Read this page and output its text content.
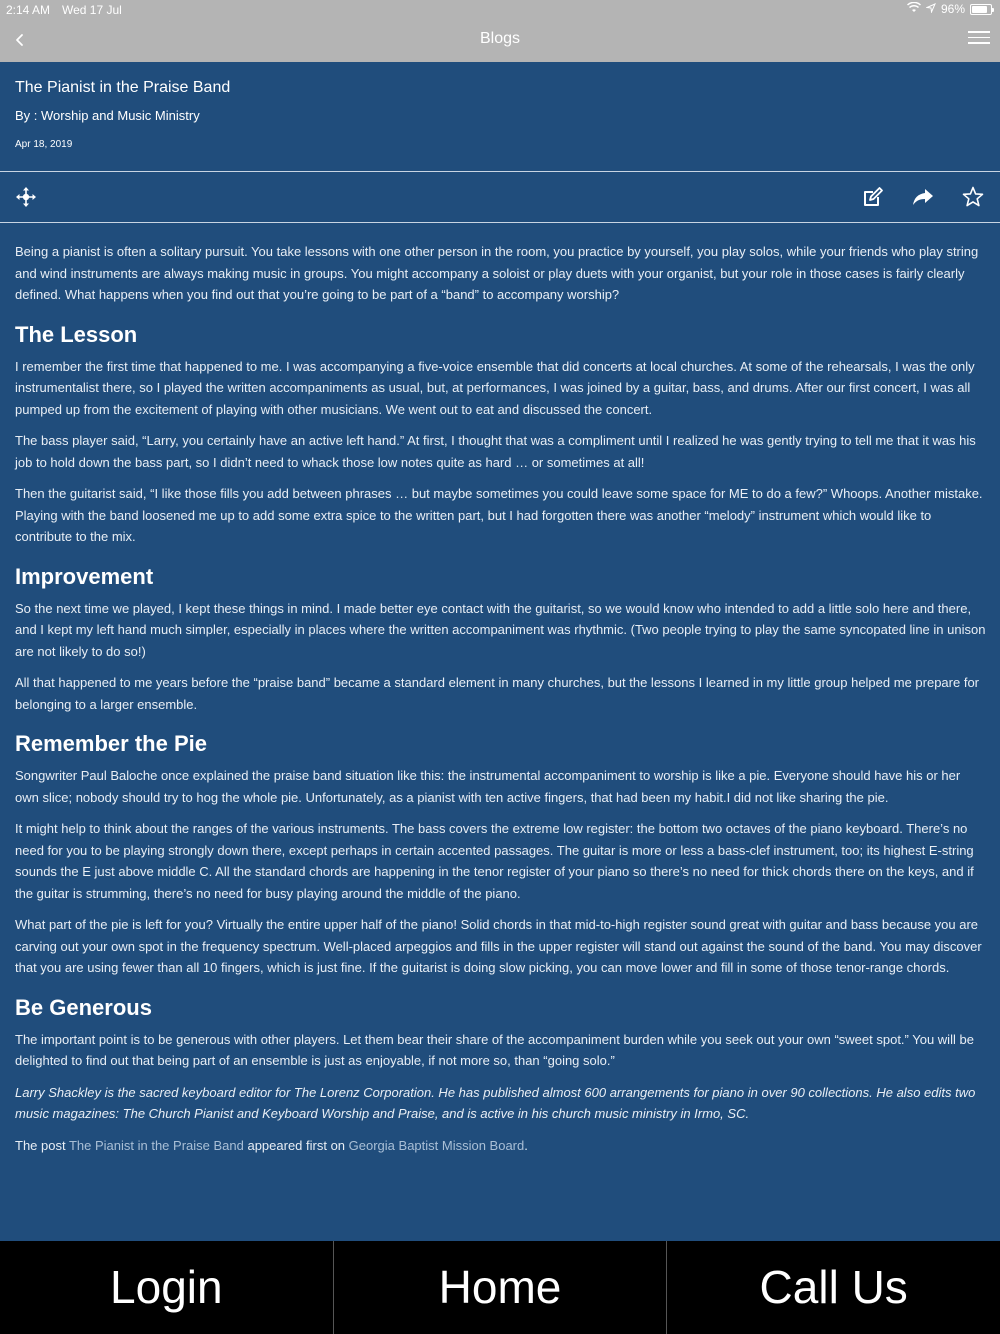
2:14 AM Wed 17 Jul	96%
Blogs
The Pianist in the Praise Band
By : Worship and Music Ministry
Apr 18, 2019

Being a pianist is often a solitary pursuit. You take lessons with one other person in the room, you practice by yourself, you play solos, while your friends who play string and wind instruments are always making music in groups. You might accompany a soloist or play duets with your organist, but your role in those cases is fairly clearly defined. What happens when you find out that you’re going to be part of a “band” to accompany worship?

The Lesson

I remember the first time that happened to me. I was accompanying a five-voice ensemble that did concerts at local churches. At some of the rehearsals, I was the only instrumentalist there, so I played the written accompaniments as usual, but, at performances, I was joined by a guitar, bass, and drums. After our first concert, I was all pumped up from the excitement of playing with other musicians. We went out to eat and discussed the concert.

The bass player said, “Larry, you certainly have an active left hand.” At first, I thought that was a compliment until I realized he was gently trying to tell me that it was his job to hold down the bass part, so I didn’t need to whack those low notes quite as hard … or sometimes at all!

Then the guitarist said, “I like those fills you add between phrases … but maybe sometimes you could leave some space for ME to do a few?” Whoops. Another mistake. Playing with the band loosened me up to add some extra spice to the written part, but I had forgotten there was another “melody” instrument which would like to contribute to the mix.

Improvement

So the next time we played, I kept these things in mind. I made better eye contact with the guitarist, so we would know who intended to add a little solo here and there, and I kept my left hand much simpler, especially in places where the written accompaniment was rhythmic. (Two people trying to play the same syncopated line in unison are not likely to do so!)

All that happened to me years before the “praise band” became a standard element in many churches, but the lessons I learned in my little group helped me prepare for belonging to a larger ensemble.

Remember the Pie

Songwriter Paul Baloche once explained the praise band situation like this: the instrumental accompaniment to worship is like a pie. Everyone should have his or her own slice; nobody should try to hog the whole pie. Unfortunately, as a pianist with ten active fingers, that had been my habit.I did not like sharing the pie.

It might help to think about the ranges of the various instruments. The bass covers the extreme low register: the bottom two octaves of the piano keyboard. There’s no need for you to be playing strongly down there, except perhaps in certain accented passages. The guitar is more or less a bass-clef instrument, too; its highest E-string sounds the E just above middle C. All the standard chords are happening in the tenor register of your piano so there’s no need for thick chords there on the keys, and if the guitar is strumming, there’s no need for busy playing around the middle of the piano.

What part of the pie is left for you? Virtually the entire upper half of the piano! Solid chords in that mid-to-high register sound great with guitar and bass because you are carving out your own spot in the frequency spectrum. Well-placed arpeggios and fills in the upper register will stand out against the sound of the band. You may discover that you are using fewer than all 10 fingers, which is just fine. If the guitarist is doing slow picking, you can move lower and fill in some of those tenor-range chords.

Be Generous

The important point is to be generous with other players. Let them bear their share of the accompaniment burden while you seek out your own “sweet spot.” You will be delighted to find out that being part of an ensemble is just as enjoyable, if not more so, than “going solo.”

Larry Shackley is the sacred keyboard editor for The Lorenz Corporation. He has published almost 600 arrangements for piano in over 90 collections. He also edits two music magazines: The Church Pianist and Keyboard Worship and Praise, and is active in his church music ministry in Irmo, SC.

The post The Pianist in the Praise Band appeared first on Georgia Baptist Mission Board.

Login	Home	Call Us
